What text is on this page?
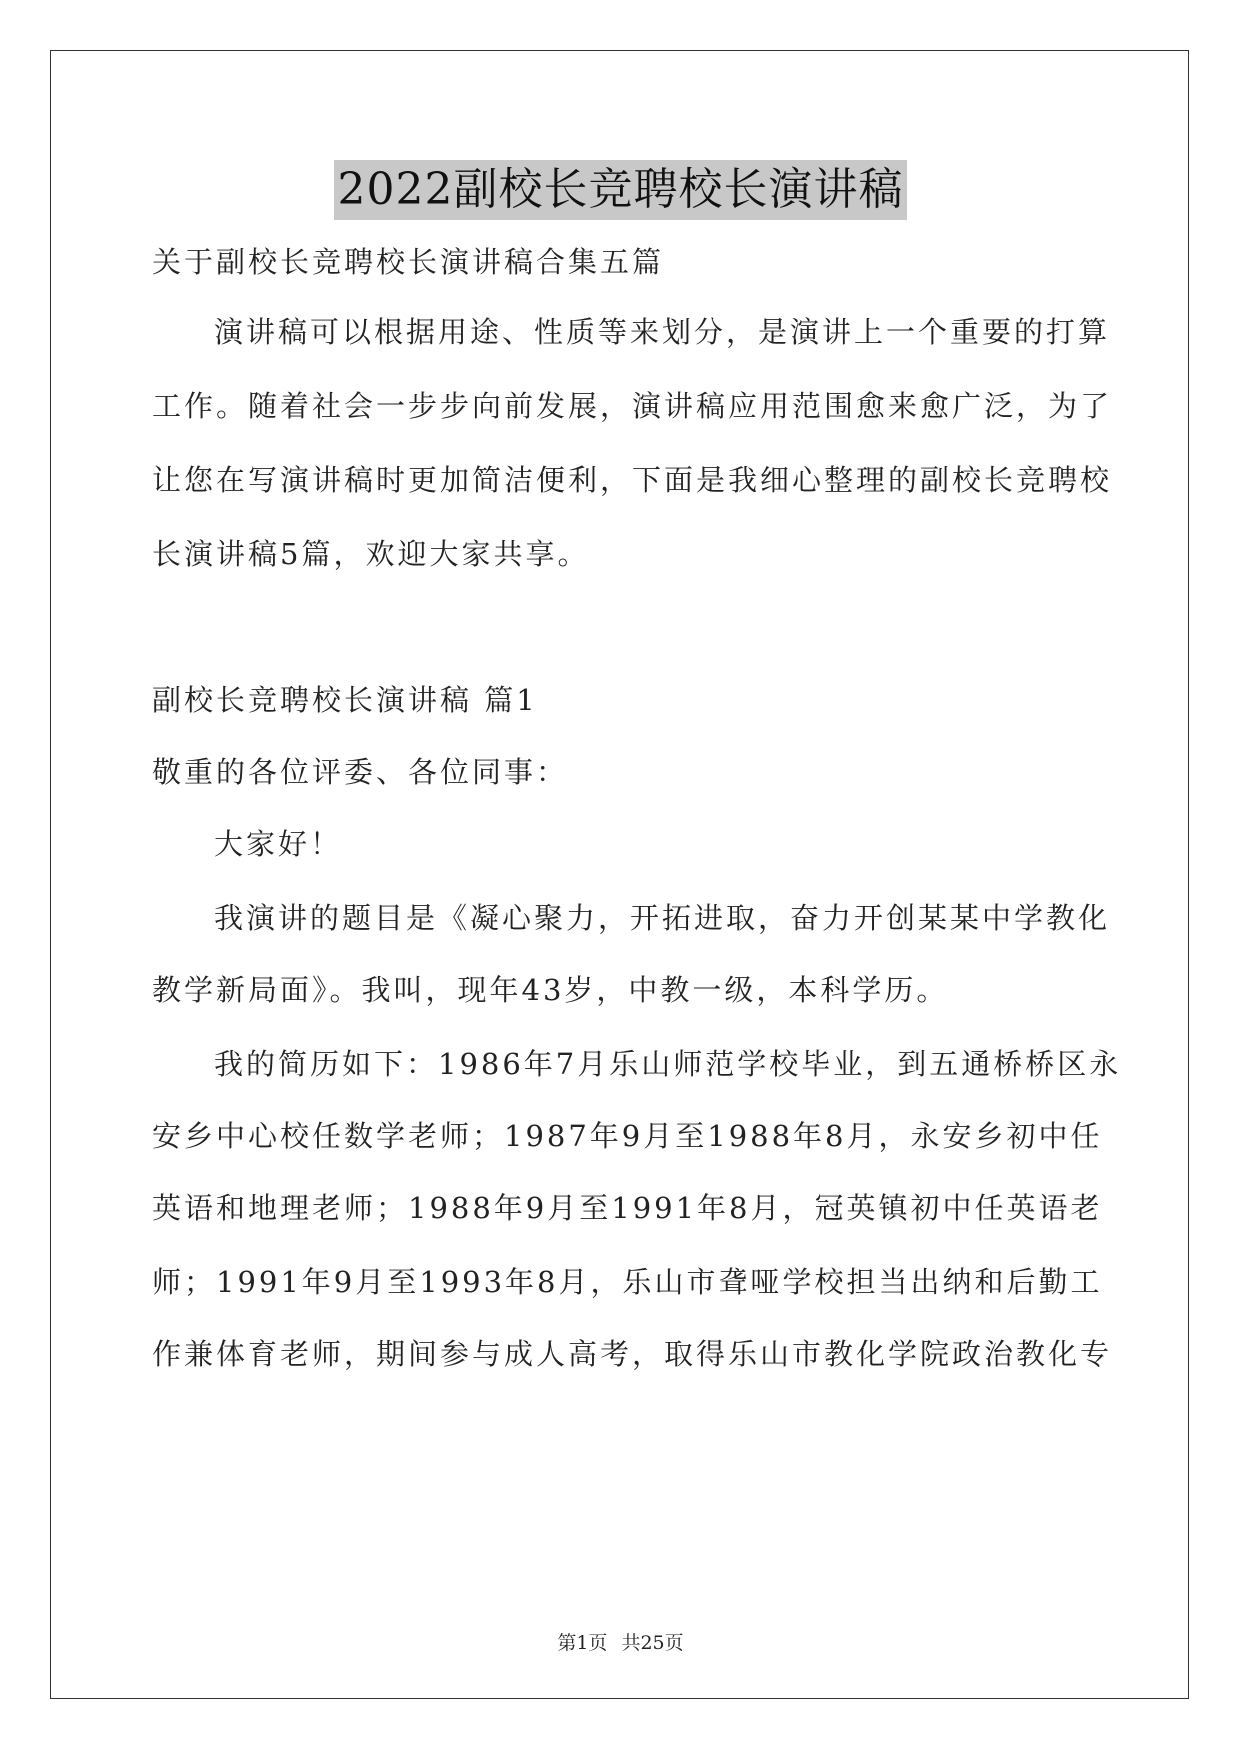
2022副校长竞聘校长演讲稿
关于副校长竞聘校长演讲稿合集五篇
演讲稿可以根据用途、性质等来划分，是演讲上一个重要的打算
工作。随着社会一步步向前发展，演讲稿应用范围愈来愈广泛，为了
让您在写演讲稿时更加简洁便利，下面是我细心整理的副校长竞聘校
长演讲稿5篇，欢迎大家共享。
副校长竞聘校长演讲稿 篇1
敬重的各位评委、各位同事：
大家好！
我演讲的题目是《凝心聚力，开拓进取，奋力开创某某中学教化
教学新局面》。我叫，现年43岁，中教一级，本科学历。
我的简历如下：1986年7月乐山师范学校毕业，到五通桥桥区永
安乡中心校任数学老师；1987年9月至1988年8月，永安乡初中任
英语和地理老师；1988年9月至1991年8月，冠英镇初中任英语老
师；1991年9月至1993年8月，乐山市聋哑学校担当出纳和后勤工
作兼体育老师，期间参与成人高考，取得乐山市教化学院政治教化专
第1页 共25页
